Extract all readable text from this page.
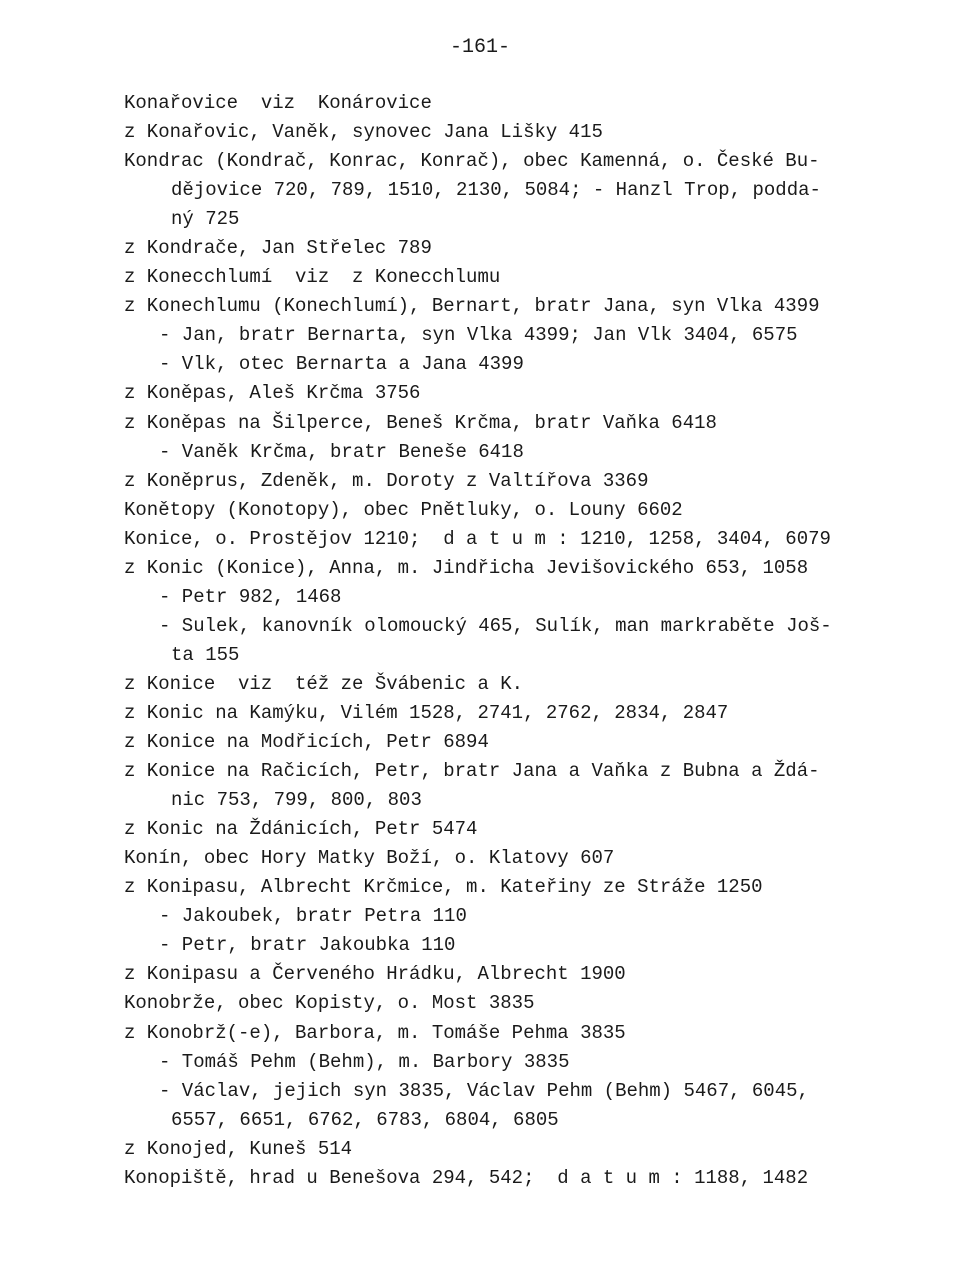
-161-
Konařovice  viz  Konárovice
z Konařovic, Vaněk, synovec Jana Lišky 415
Kondrac (Kondrač, Konrac, Konrač), obec Kamenná, o. České Bu-
dějovice 720, 789, 1510, 2130, 5084; - Hanzl Trop, podda-
ný 725
z Kondrače, Jan Střelec 789
z Konecchlumí  viz  z Konecchlumu
z Konechlumu (Konechlumí), Bernart, bratr Jana, syn Vlka 4399
- Jan, bratr Bernarta, syn Vlka 4399; Jan Vlk 3404, 6575
- Vlk, otec Bernarta a Jana 4399
z Koněpas, Aleš Krčma 3756
z Koněpas na Šilperce, Beneš Krčma, bratr Vaňka 6418
- Vaněk Krčma, bratr Beneše 6418
z Koněprus, Zdeněk, m. Doroty z Valtířova 3369
Konětopy (Konotopy), obec Pnětluky, o. Louny 6602
Konice, o. Prostějov 1210;  d a t u m : 1210, 1258, 3404, 6079
z Konic (Konice), Anna, m. Jindřicha Jevišovického 653, 1058
- Petr 982, 1468
- Sulek, kanovník olomoucký 465, Sulík, man markraběte Još-
ta 155
z Konice  viz  též ze Švábenic a K.
z Konic na Kamýku, Vilém 1528, 2741, 2762, 2834, 2847
z Konice na Modřicích, Petr 6894
z Konice na Račicích, Petr, bratr Jana a Vaňka z Bubna a Ždá-
nic 753, 799, 800, 803
z Konic na Ždánicích, Petr 5474
Konín, obec Hory Matky Boží, o. Klatovy 607
z Konipasu, Albrecht Krčmice, m. Kateřiny ze Stráže 1250
- Jakoubek, bratr Petra 110
- Petr, bratr Jakoubka 110
z Konipasu a Červeného Hrádku, Albrecht 1900
Konobrže, obec Kopisty, o. Most 3835
z Konobrž(-e), Barbora, m. Tomáše Pehma 3835
- Tomáš Pehm (Behm), m. Barbory 3835
- Václav, jejich syn 3835, Václav Pehm (Behm) 5467, 6045,
6557, 6651, 6762, 6783, 6804, 6805
z Konojed, Kuneš 514
Konopiště, hrad u Benešova 294, 542;  d a t u m : 1188, 1482
